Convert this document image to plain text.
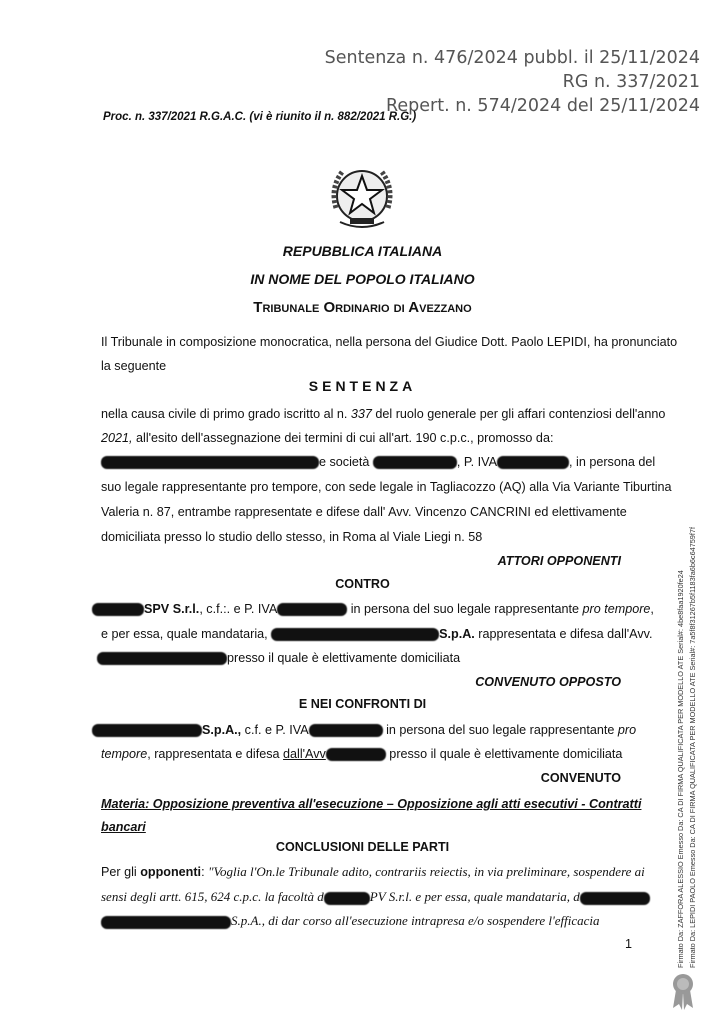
Sentenza n. 476/2024 pubbl. il 25/11/2024
RG n. 337/2021
Repert. n. 574/2024 del 25/11/2024
Proc. n. 337/2021 R.G.A.C. (vi è riunito il n. 882/2021 R.G.)
REPUBBLICA ITALIANA
IN NOME DEL POPOLO ITALIANO
Tribunale Ordinario di Avezzano
Il Tribunale in composizione monocratica, nella persona del Giudice Dott. Paolo LEPIDI, ha pronunciato
la seguente
SENTENZA
nella causa civile di primo grado iscritto al n. 337 del ruolo generale per gli affari contenziosi dell'anno
2021, all'esito dell'assegnazione dei termini di cui all'art. 190 c.p.c., promosso da:
e società	, P. IVA	, in persona del
suo legale rappresentante pro tempore, con sede legale in Tagliacozzo (AQ) alla Via Variante Tiburtina
Valeria n. 87, entrambe rappresentate e difese dall' Avv. Vincenzo CANCRINI ed elettivamente
domiciliata presso lo studio dello stesso, in Roma al Viale Liegi n. 58
ATTORI OPPONENTI
CONTRO
SPV S.r.l., c.f.:. e P. IVA	in persona del suo legale rappresentante pro tempore,
e per essa, quale mandataria,	S.p.A. rappresentata e difesa dall'Avv.
presso il quale è elettivamente domiciliata
CONVENUTO OPPOSTO
E NEI CONFRONTI DI
S.p.A., c.f. e P. IVA	in persona del suo legale rappresentante pro
tempore, rappresentata e difesa dall'Avv	presso il quale è elettivamente domiciliata
CONVENUTO
Materia: Opposizione preventiva all'esecuzione – Opposizione agli atti esecutivi - Contratti
bancari
CONCLUSIONI DELLE PARTI
Per gli opponenti: "Voglia l'On.le Tribunale adito, contrariis reiectis, in via preliminare, sospendere ai
sensi degli artt. 615, 624 c.p.c. la facoltà d	PV S.r.l. e per essa, quale mandataria, d
S.p.A., di dar corso all'esecuzione intrapresa e/o sospendere l'efficacia
1	Firmato Da: ZAFFORA ALESSIO Emesso Da: CA DI FIRMA QUALIFICATA PER MODELLO ATE Serial#: 4be8faa1920fe24 Firmato Da: LEPIDI PAOLO Emesso Da: CA DI FIRMA QUALIFICATA PER MODELLO ATE Serial#: 7a5f8f31267b5f1183fa6b6c64759f7f
